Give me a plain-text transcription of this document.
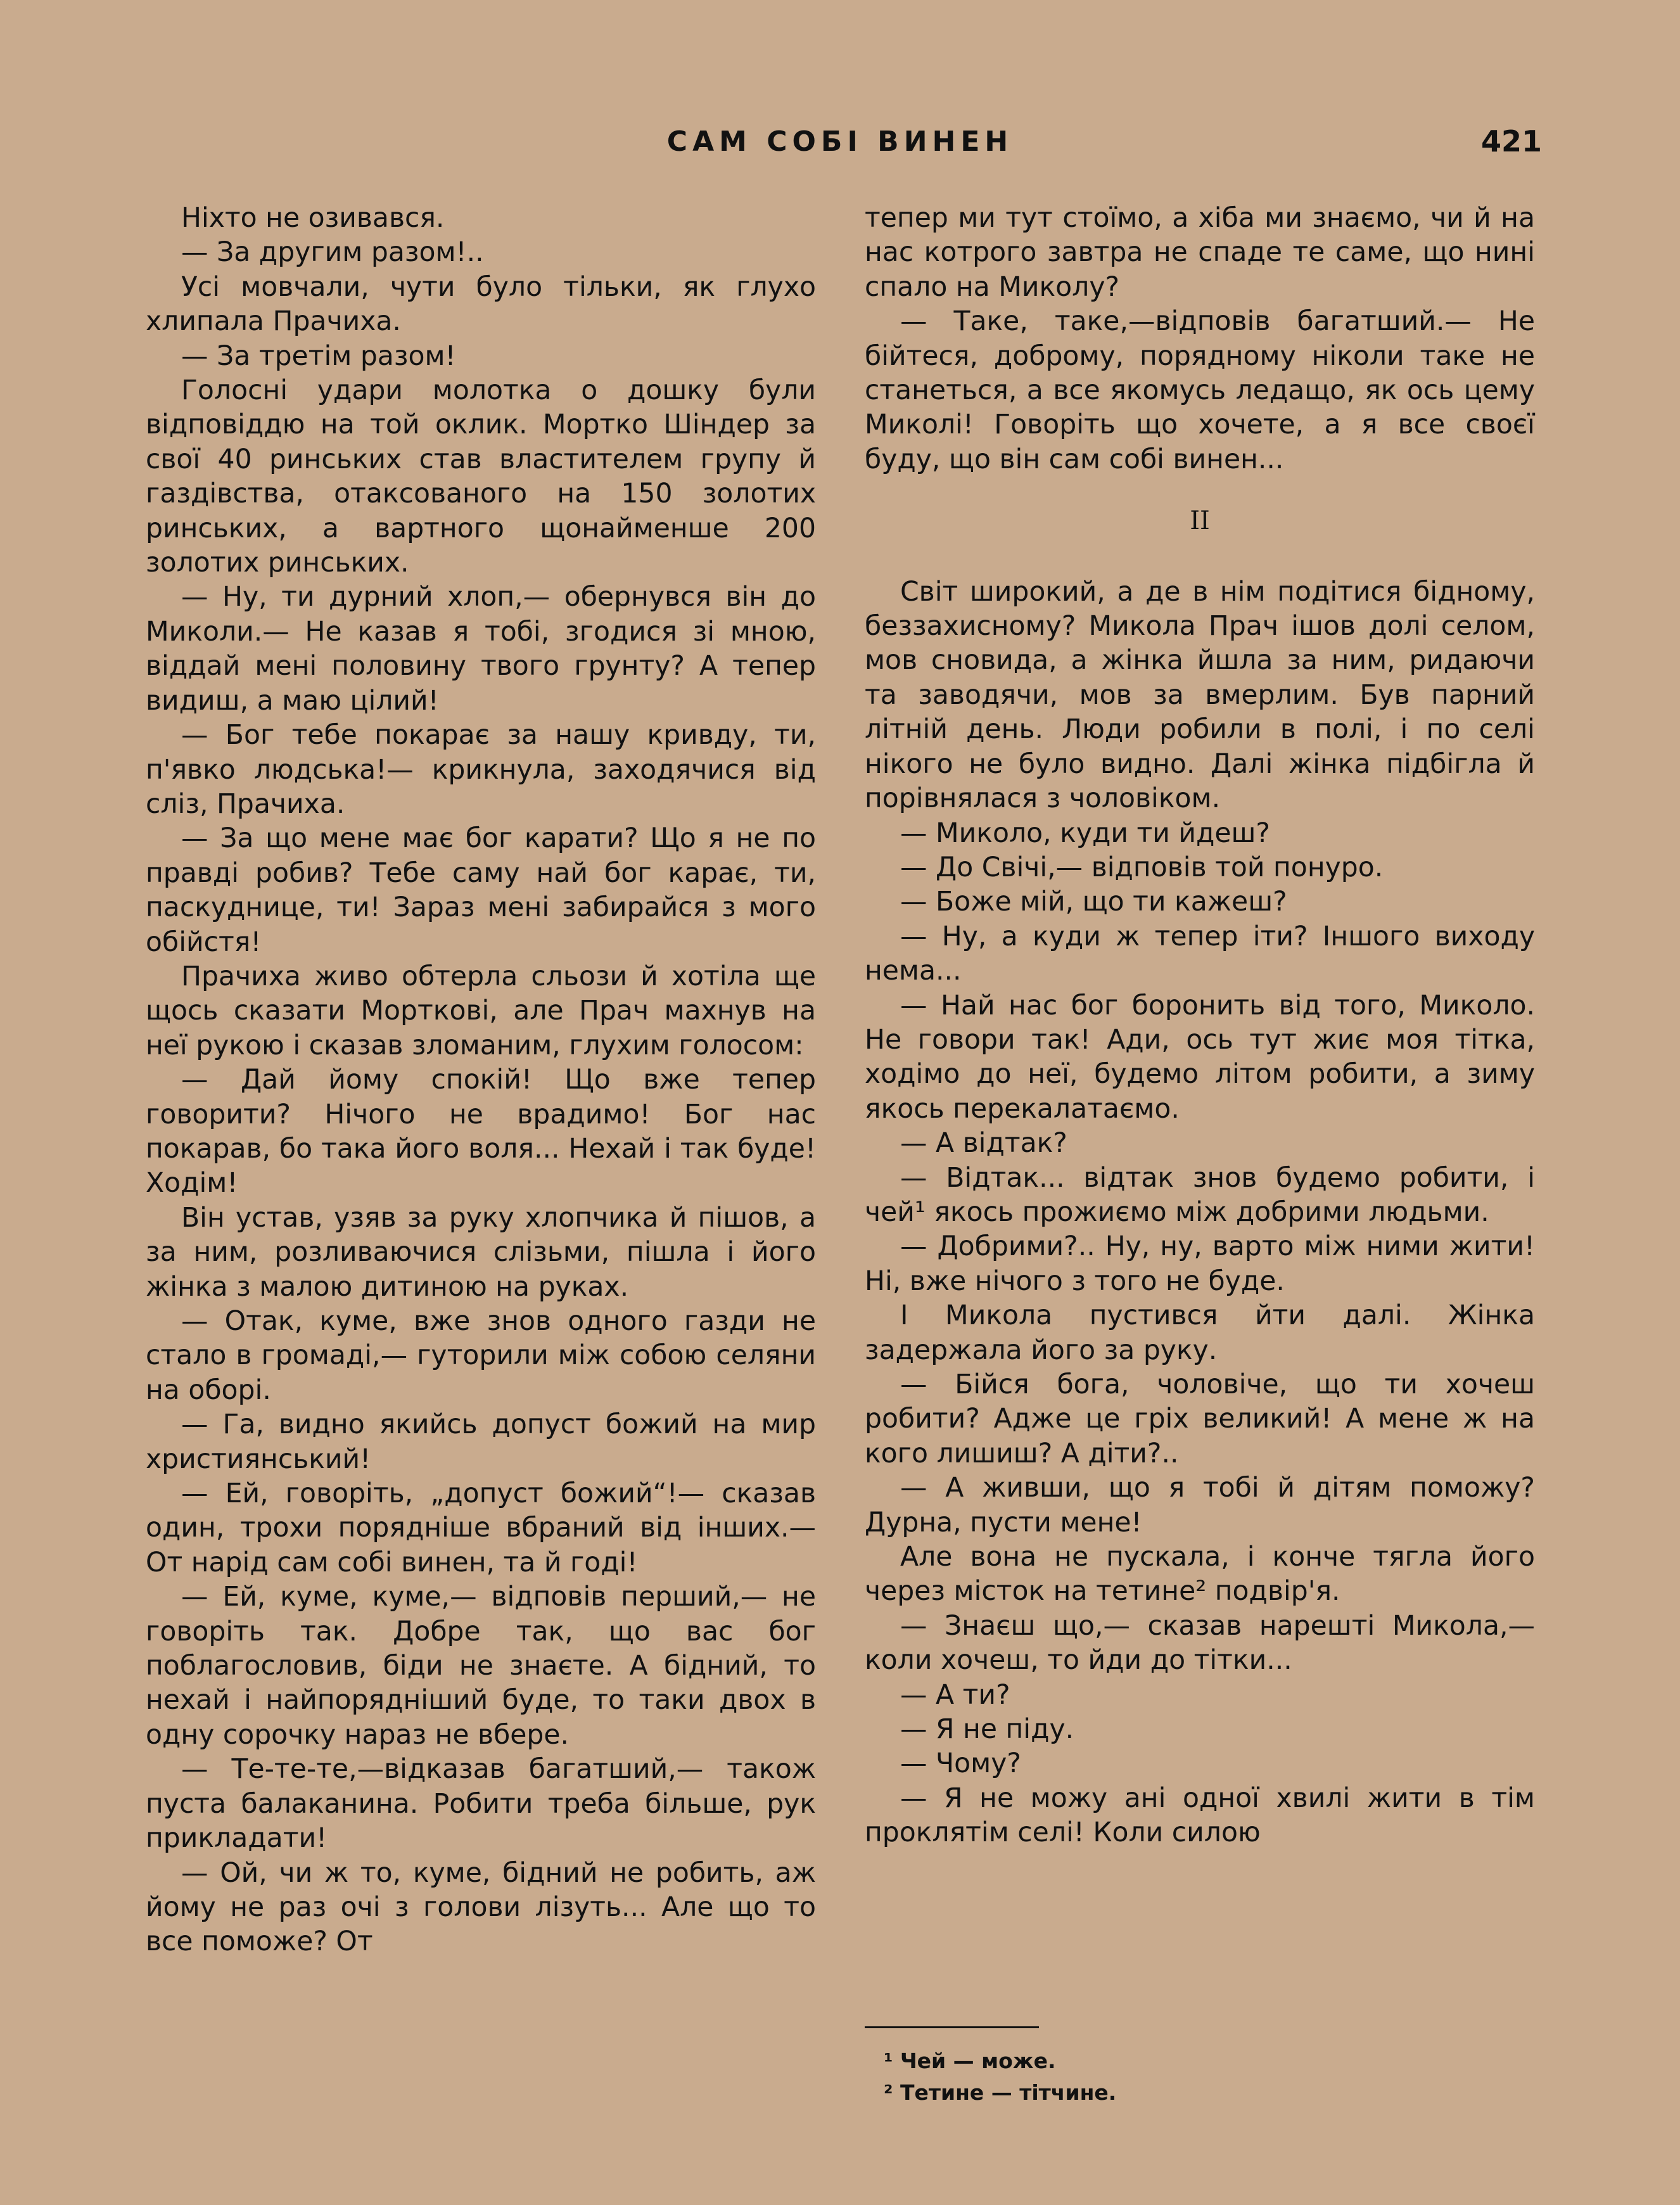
САМ СОБІ ВИНЕН	421

Ніхто не озивався.

— За другим разом!..

Усі мовчали, чути було тільки, як глухо хлипала Прачиха.

— За третім разом!

Голосні удари молотка о дошку були відповіддю на той оклик. Мортко Шіндер за свої 40 ринських став властителем групу й газдівства, отаксованого на 150 золотих ринських, а вартного щонайменше 200 золотих ринських.

— Ну, ти дурний хлоп,— обернувся він до Миколи.— Не казав я тобі, згодися зі мною, віддай мені половину твого грунту? А тепер видиш, а маю цілий!

— Бог тебе покарає за нашу кривду, ти, п'явко людська!— крикнула, заходячися від сліз, Прачиха.

— За що мене має бог карати? Що я не по правді робив? Тебе саму най бог карає, ти, паскуднице, ти! Зараз мені забирайся з мого обійстя!

Прачиха живо обтерла сльози й хотіла ще щось сказати Морткові, але Прач махнув на неї рукою і сказав зломаним, глухим голосом:

— Дай йому спокій! Що вже тепер говорити? Нічого не врадимо! Бог нас покарав, бо така його воля... Нехай і так буде! Ходім!

Він устав, узяв за руку хлопчика й пішов, а за ним, розливаючися слізьми, пішла і його жінка з малою дитиною на руках.

— Отак, куме, вже знов одного газди не стало в громаді,— гуторили між собою селяни на оборі.

— Га, видно якийсь допуст божий на мир християнський!

— Ей, говоріть, „допуст божий“!— сказав один, трохи порядніше вбраний від інших.— От нарід сам собі винен, та й годі!

— Ей, куме, куме,— відповів перший,— не говоріть так. Добре так, що вас бог поблагословив, біди не знаєте. А бідний, то нехай і найпорядніший буде, то таки двох в одну сорочку нараз не вбере.

— Те-те-те,—відказав багатший,— також пуста балаканина. Робити треба більше, рук прикладати!

— Ой, чи ж то, куме, бідний не робить, аж йому не раз очі з голови лізуть... Але що то все поможе? От

тепер ми тут стоїмо, а хіба ми знаємо, чи й на нас котрого завтра не спаде те саме, що нині спало на Миколу?

— Таке, таке,—відповів багатший.— Не бійтеся, доброму, порядному ніколи таке не станеться, а все якомусь ледащо, як ось цему Миколі! Говоріть що хочете, а я все своєї буду, що він сам собі винен...

II

Світ широкий, а де в нім подітися бідному, беззахисному? Микола Прач ішов долі селом, мов сновида, а жінка йшла за ним, ридаючи та заводячи, мов за вмерлим. Був парний літній день. Люди робили в полі, і по селі нікого не було видно. Далі жінка підбігла й порівнялася з чоловіком.

— Миколо, куди ти йдеш?

— До Свічі,— відповів той понуро.

— Боже мій, що ти кажеш?

— Ну, а куди ж тепер іти? Іншого виходу нема...

— Най нас бог боронить від того, Миколо. Не говори так! Ади, ось тут жиє моя тітка, ходімо до неї, будемо літом робити, а зиму якось перекалатаємо.

— А відтак?

— Відтак... відтак знов будемо робити, і чей¹ якось прожиємо між добрими людьми.

— Добрими?.. Ну, ну, варто між ними жити! Ні, вже нічого з того не буде.

І Микола пустився йти далі. Жінка задержала його за руку.

— Бійся бога, чоловіче, що ти хочеш робити? Адже це гріх великий! А мене ж на кого лишиш? А діти?..

— А живши, що я тобі й дітям поможу? Дурна, пусти мене!

Але вона не пускала, і конче тягла його через місток на тетине² подвір'я.

— Знаєш що,— сказав нарешті Микола,— коли хочеш, то йди до тітки...

— А ти?

— Я не піду.

— Чому?

— Я не можу ані одної хвилі жити в тім проклятім селі! Коли силою

¹ Чей — може.
² Тетине — тітчине.
